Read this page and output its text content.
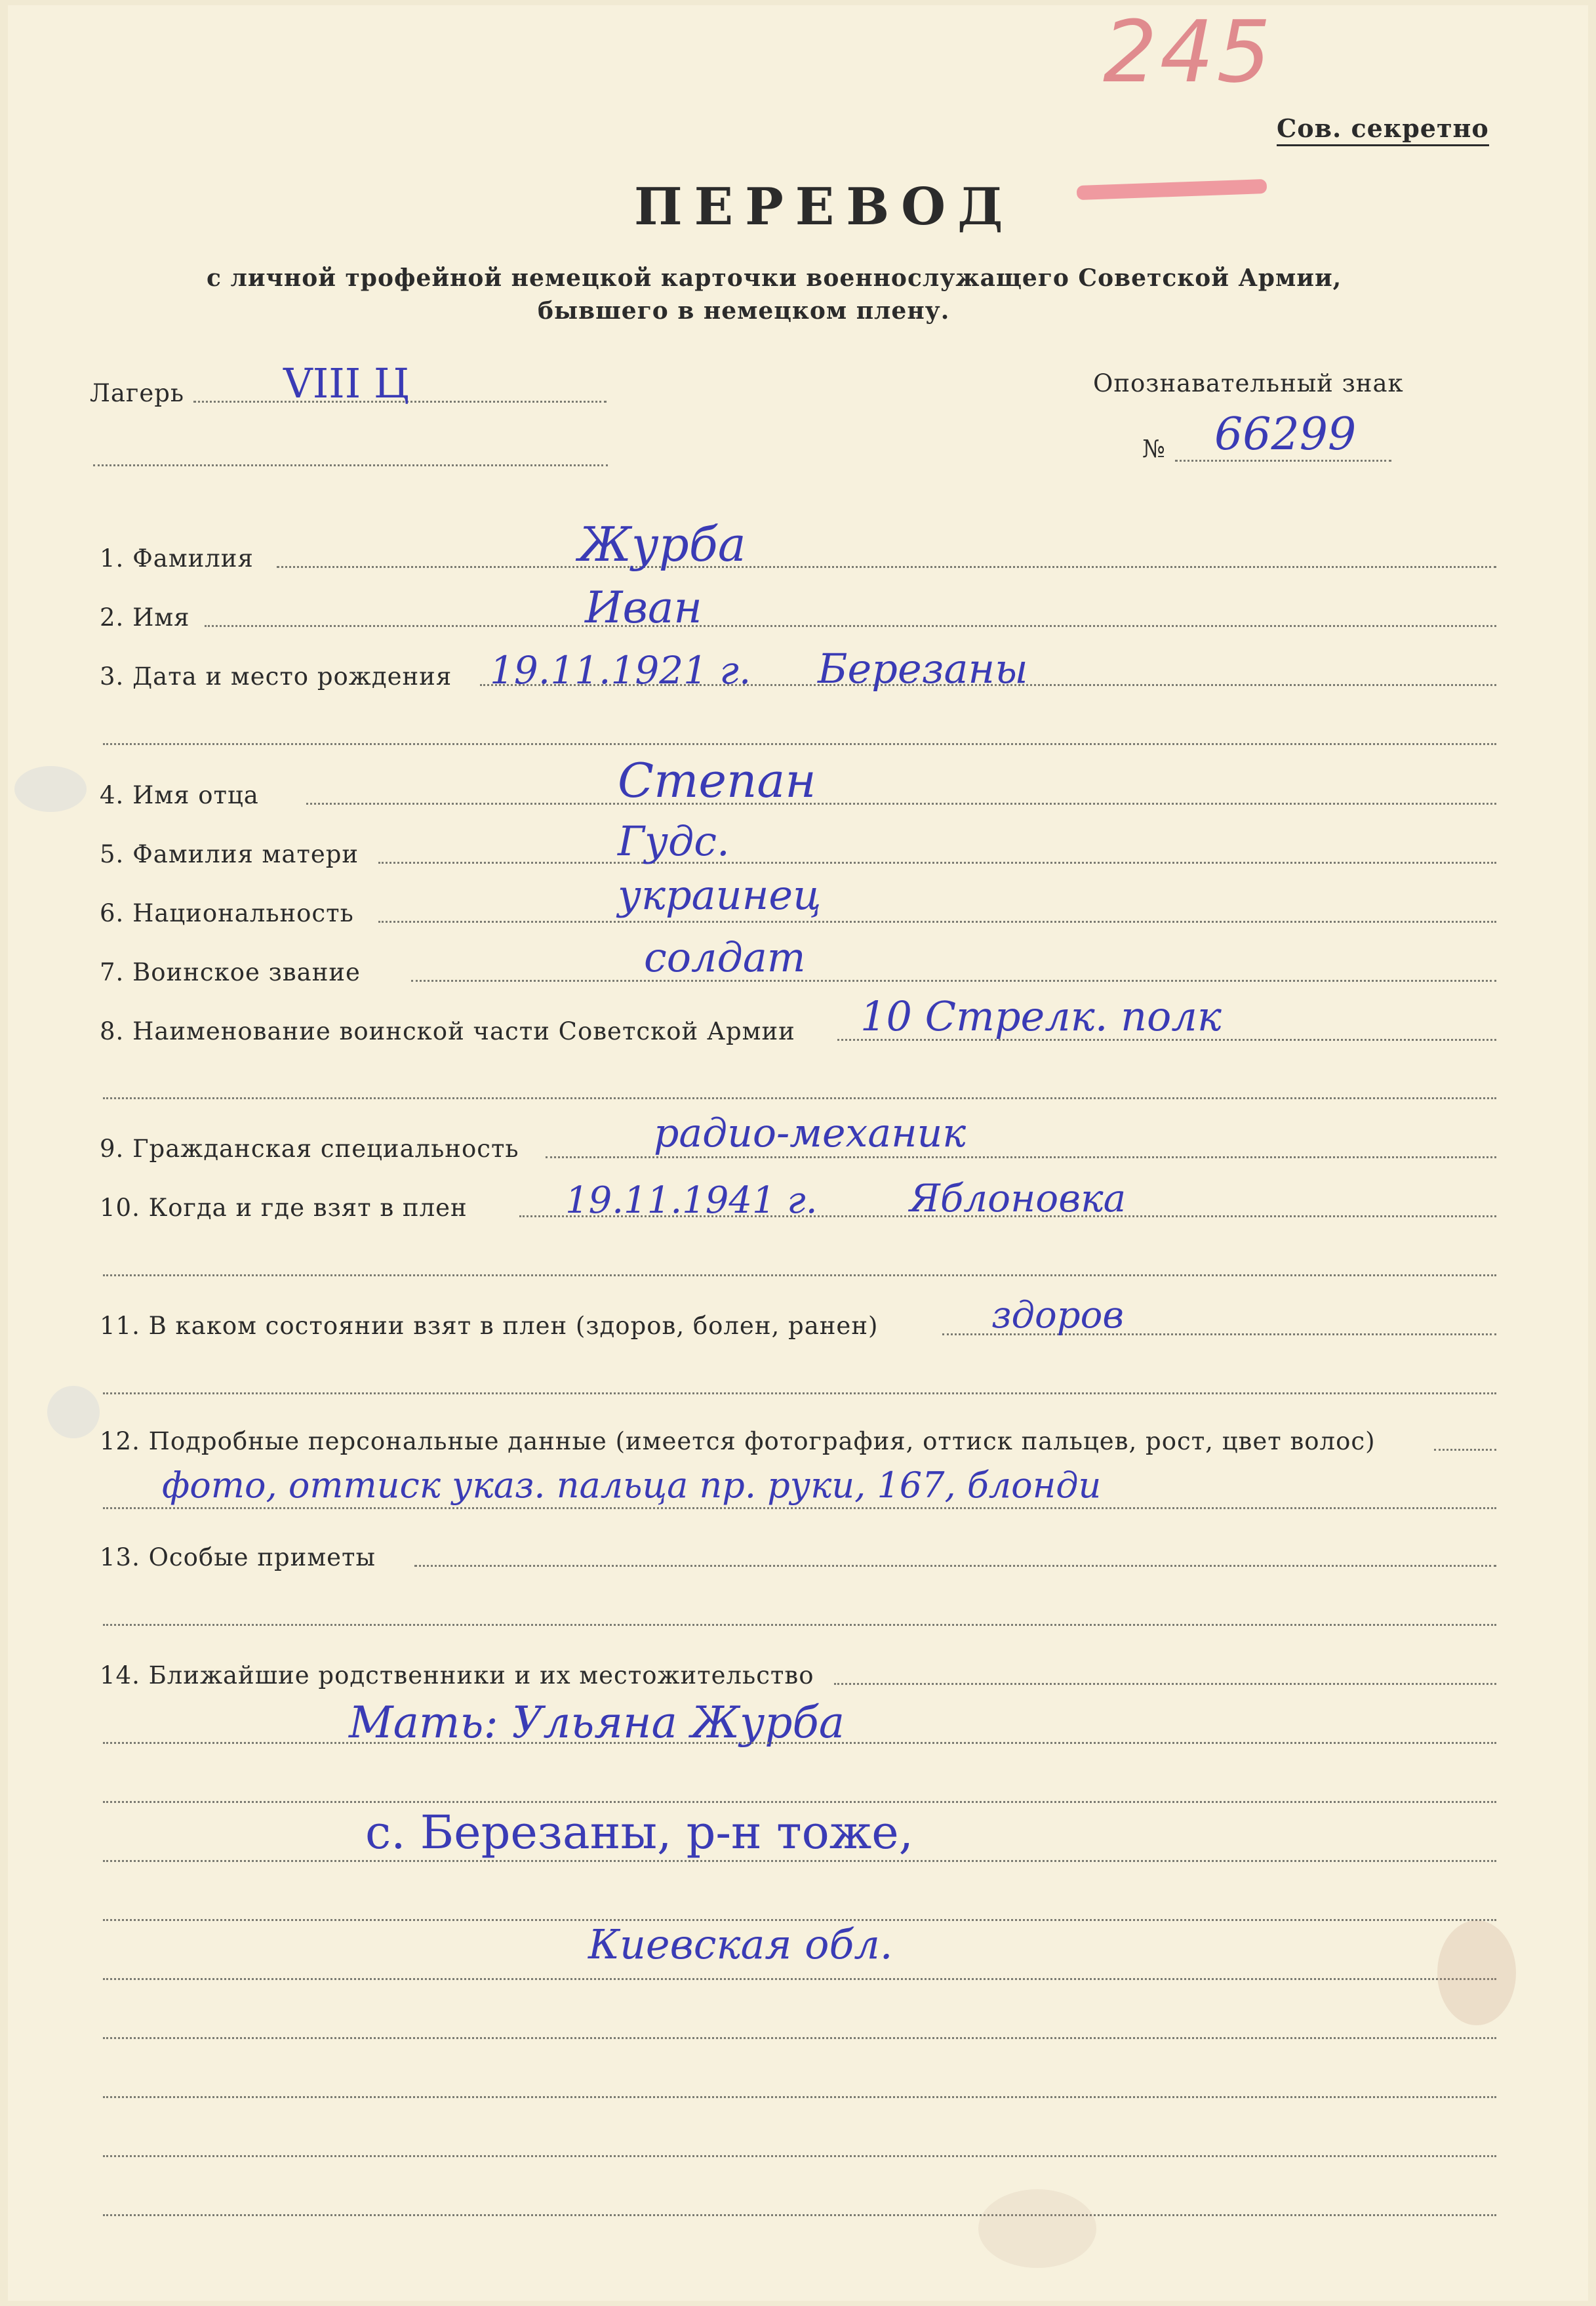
245
Сов. секретно
ПЕРЕВОД
с личной трофейной немецкой карточки военнослужащего Советской Армии,
бывшего в немецком плену.
Лагерь VIII Ц	Опознавательный знак
№ 66299
1. Фамилия	Журба
2. Имя	Иван
3. Дата и место рождения 19.11.1921 г. Березаны
4. Имя отца	Степан
5. Фамилия матери	Гудс.
6. Национальность	украинец
7. Воинское звание	солдат
8. Наименование воинской части Советской Армии 10 Стрелк. полк
9. Гражданская специальность	радио-механик
10. Когда и где взят в плен	19.11.1941 г. Яблоновка
11. В каком состоянии взят в плен (здоров, болен, ранен)	здоров
12. Подробные персональные данные (имеется фотография, оттиск пальцев, рост, цвет волос)
фото, оттиск указ. пальца пр. руки, 167, блонди
13. Особые приметы
14. Ближайшие родственники и их местожительство
Мать: Ульяна Журба
с. Березаны, р-н тоже,
Киевская обл.
